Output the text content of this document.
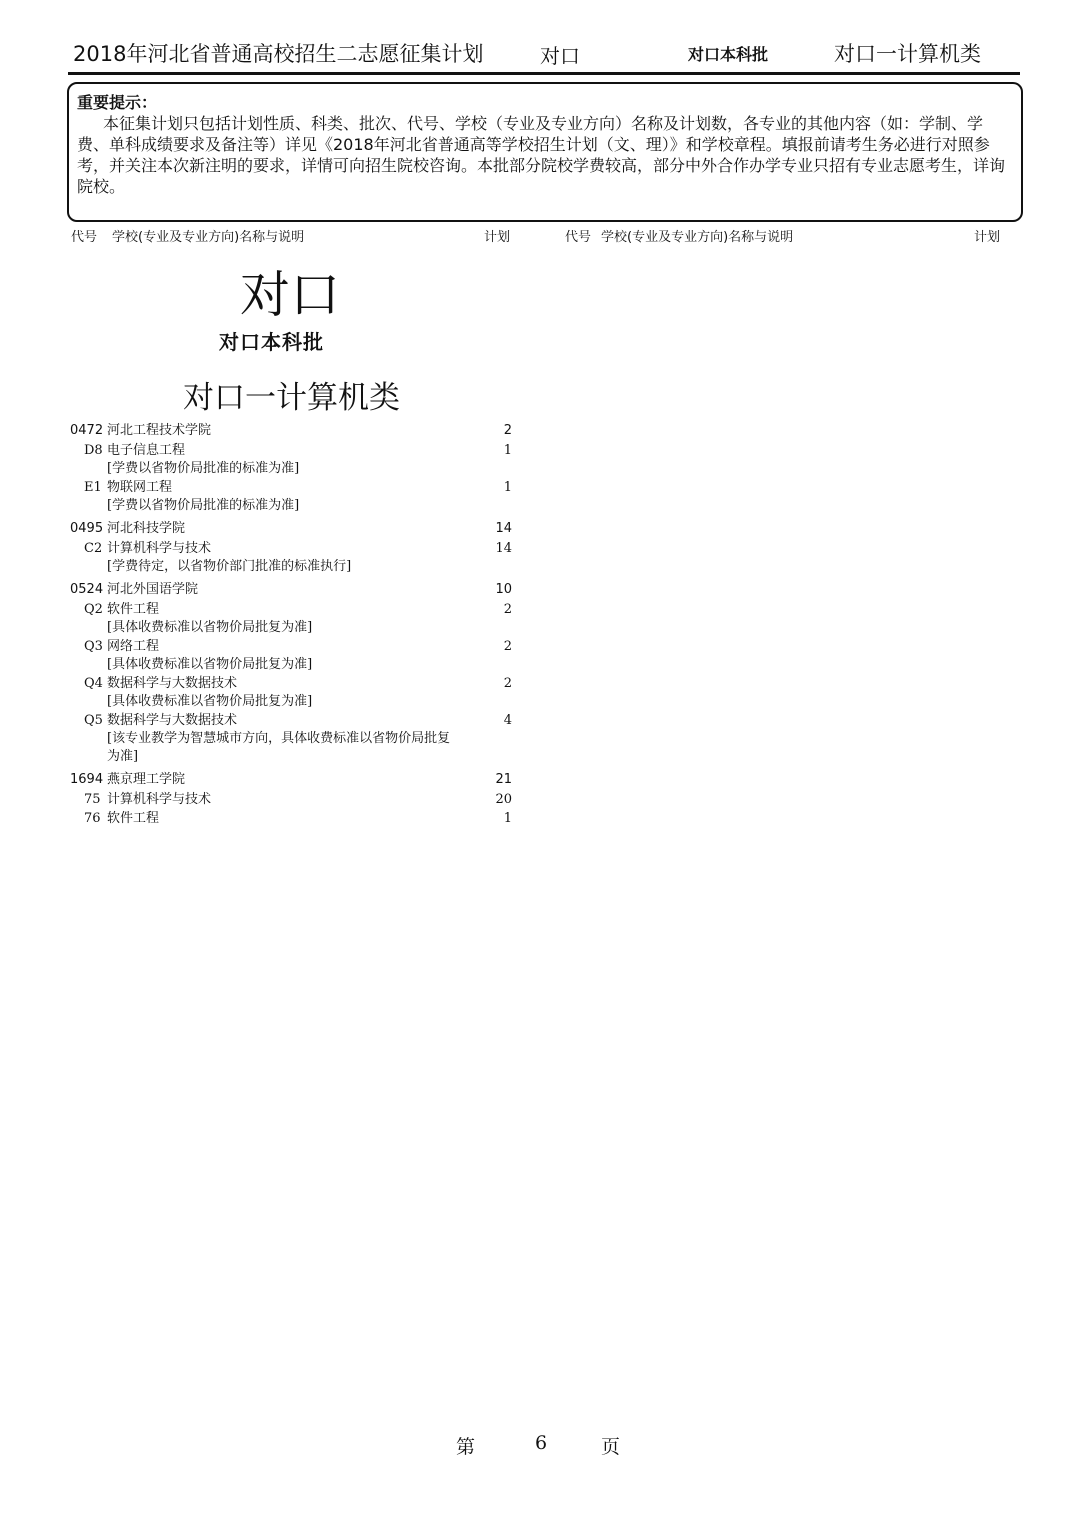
2018年河北省普通高校招生二志愿征集计划	对口	对口本科批	对口一计算机类
重要提示：
本征集计划只包括计划性质、科类、批次、代号、学校（专业及专业方向）名称及计划数，各专业的其他内容（如：学制、学费、单科成绩要求及备注等）详见《2018年河北省普通高等学校招生计划（文、理）》和学校章程。填报前请考生务必进行对照参考，并关注本次新注明的要求，详情可向招生院校咨询。本批部分院校学费较高，部分中外合作办学专业只招有专业志愿考生，详询院校。
代号 学校(专业及专业方向)名称与说明	计划	代号 学校(专业及专业方向)名称与说明	计划
对口
对口本科批
对口一计算机类
0472 河北工程技术学院	2
D8 电子信息工程	1
[学费以省物价局批准的标准为准]
E1 物联网工程	1
[学费以省物价局批准的标准为准]
0495 河北科技学院	14
C2 计算机科学与技术	14
[学费待定，以省物价部门批准的标准执行]
0524 河北外国语学院	10
Q2 软件工程	2
[具体收费标准以省物价局批复为准]
Q3 网络工程	2
[具体收费标准以省物价局批复为准]
Q4 数据科学与大数据技术	2
[具体收费标准以省物价局批复为准]
Q5 数据科学与大数据技术	4
[该专业教学为智慧城市方向，具体收费标准以省物价局批复为准]
1694 燕京理工学院	21
75 计算机科学与技术	20
76 软件工程	1
第	6	页
